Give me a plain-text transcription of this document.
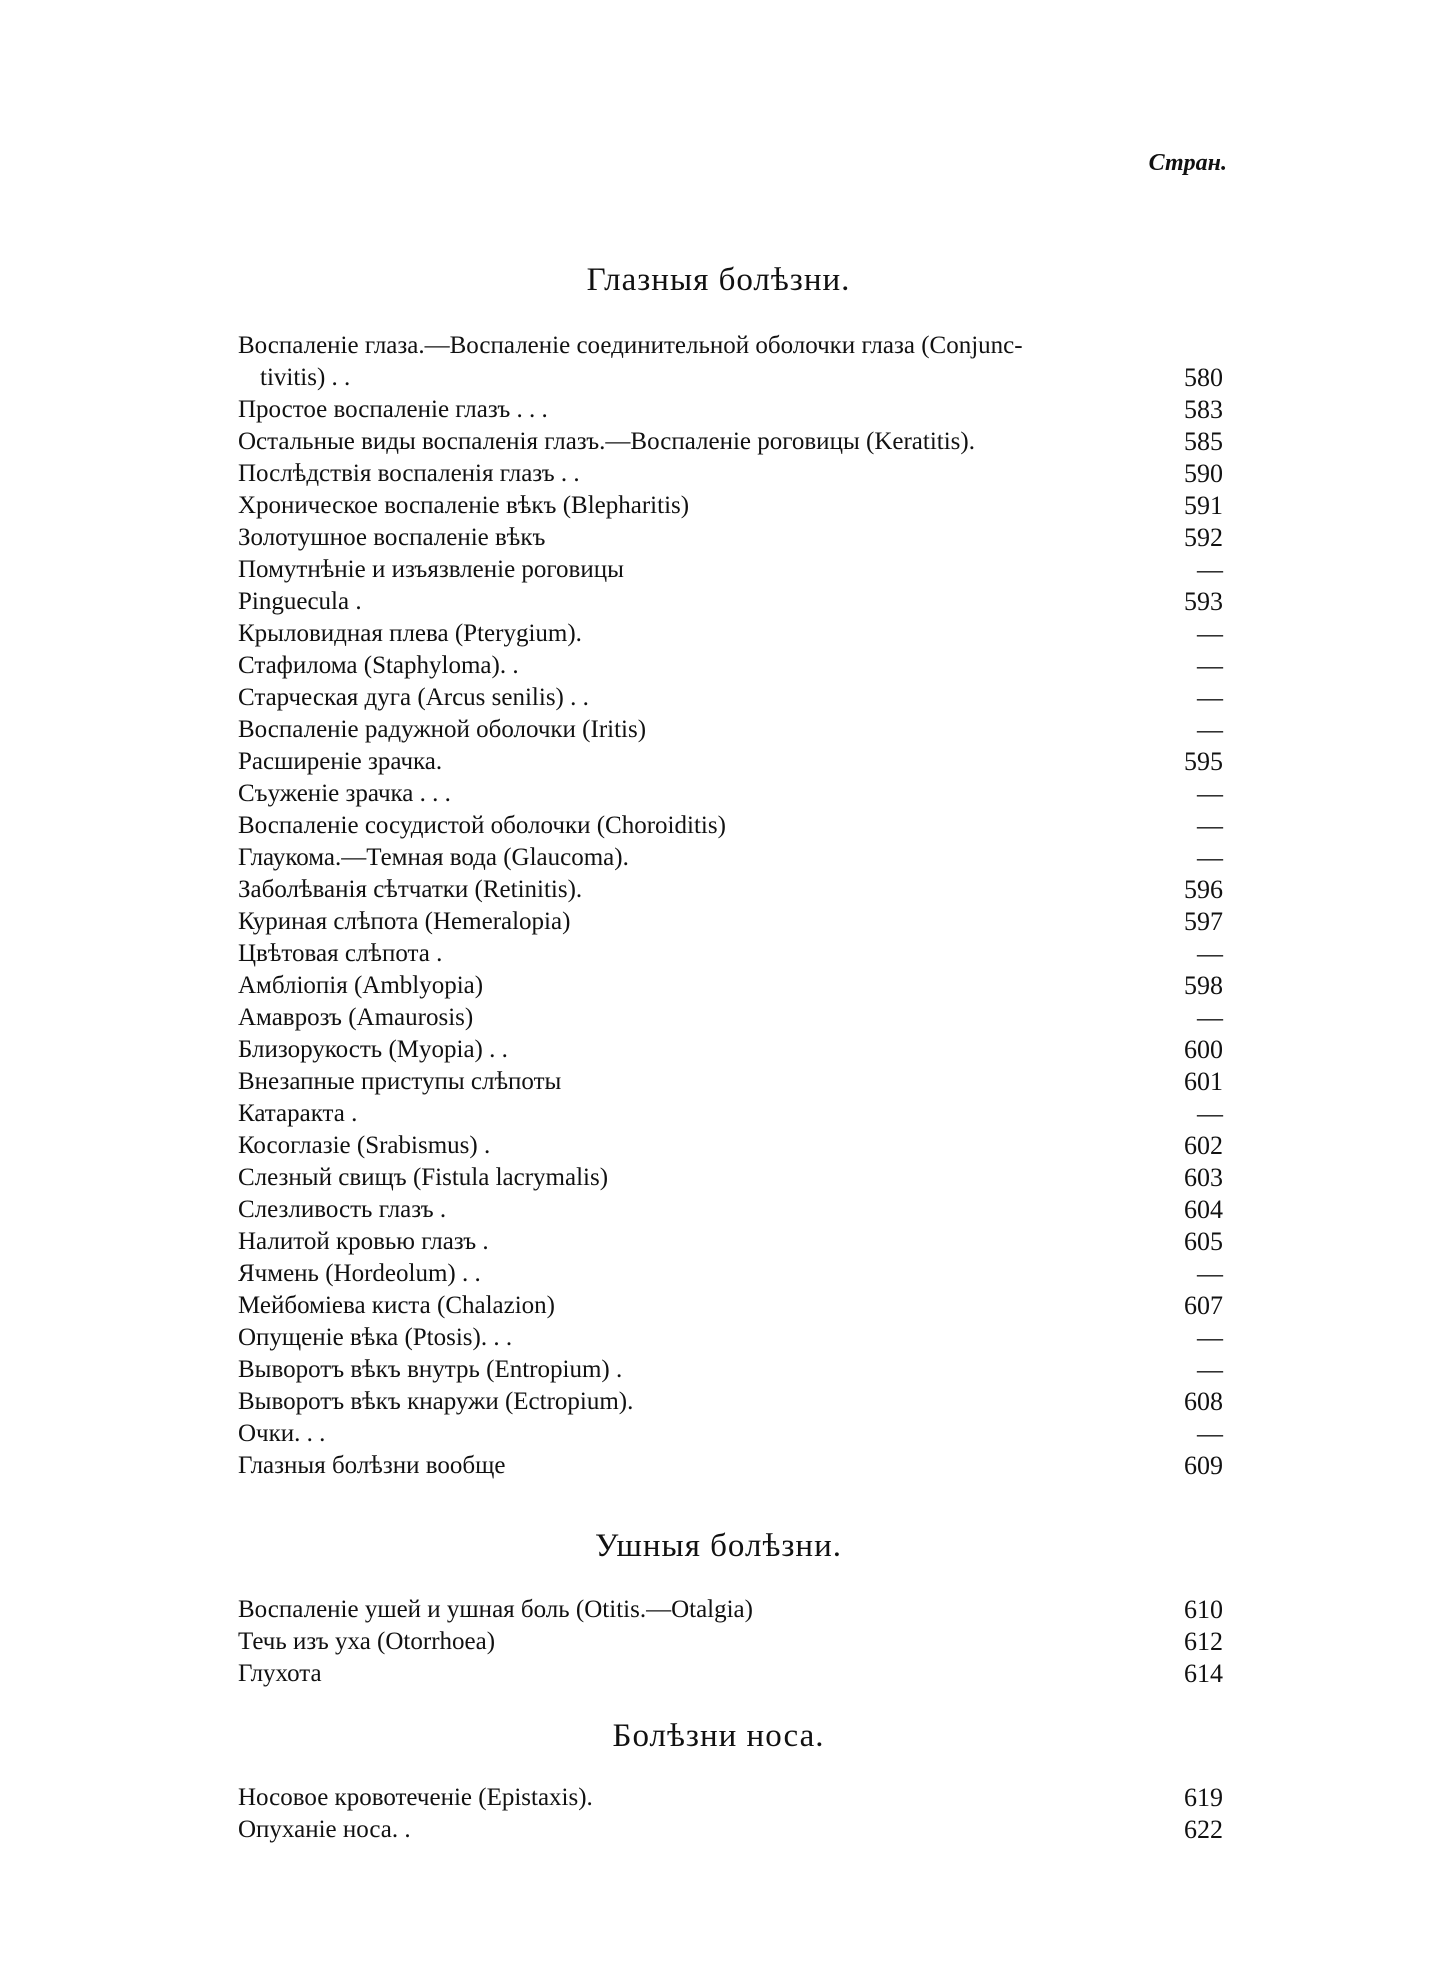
Стран.
Глазныя болѣзни.
Воспаленіе глаза.—Воспаленіе соединительной оболочки глаза (Conjunc-
tivitis) . .	580
Простое воспаленіе глазъ . . .	583
Остальные виды воспаленія глазъ.—Воспаленіе роговицы (Keratitis).	585
Послѣдствія воспаленія глазъ . .	590
Хроническое воспаленіе вѣкъ (Blepharitis)	591
Золотушное воспаленіе вѣкъ	592
Помутнѣніе и изъязвленіе роговицы	—
Pinguecula .	593
Крыловидная плева (Pterygium).	—
Стафилома (Staphyloma). .	—
Старческая дуга (Arcus senilis) . .	—
Воспаленіе радужной оболочки (Iritis)	—
Расширеніе зрачка.	595
Съуженіе зрачка . . .	—
Воспаленіе сосудистой оболочки (Choroiditis)	—
Глаукома.—Темная вода (Glaucoma).	—
Заболѣванія сѣтчатки (Retinitis).	596
Куриная слѣпота (Hemeralopia)	597
Цвѣтовая слѣпота .	—
Амбліопія (Amblyopia)	598
Амаврозъ (Amaurosis)	—
Близорукость (Myopia) . .	600
Внезапные приступы слѣпоты	601
Катаракта .	—
Косоглазіе (Srabismus) .	602
Слезный свищъ (Fistula lacrymalis)	603
Слезливость глазъ .	604
Налитой кровью глазъ .	605
Ячмень (Hordeolum) . .	—
Мейбоміева киста (Chalazion)	607
Опущеніе вѣка (Ptosis). . .	—
Выворотъ вѣкъ внутрь (Entropium) .	—
Выворотъ вѣкъ кнаружи (Ectropium).	608
Очки. . .	—
Глазныя болѣзни вообще	609
Ушныя болѣзни.
Воспаленіе ушей и ушная боль (Otitis.—Otalgia)	610
Течь изъ уха (Otorrhoea)	612
Глухота	614
Болѣзни носа.
Носовое кровотеченіе (Epistaxis).	619
Опуханіе носа. .	622
